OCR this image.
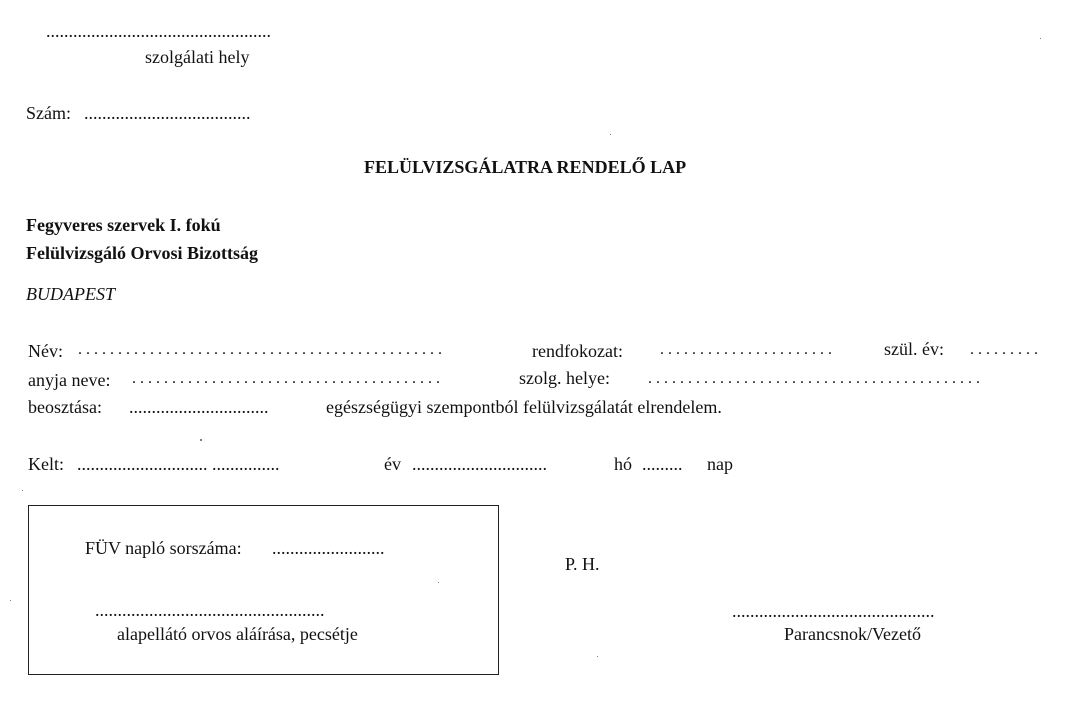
..................................................
szolgálati hely
Szám: .....................................
FELÜLVIZSGÁLATRA RENDELŐ LAP
Fegyveres szervek I. fokú
Felülvizsgáló Orvosi Bizottság
BUDAPEST
Név: . . . . . . . . . . . . . . . . . . . . . . . . . . . . . . . . . . . . . . . . . . . . . .	rendfokozat: . . . . . . . . . . . . . . . . . . . . . .	szül. év: . . . . . . . . .
anyja neve: . . . . . . . . . . . . . . . . . . . . . . . . . . . . . . . . . . . . . . .	szolg. helye: . . . . . . . . . . . . . . . . . . . . . . . . . . . . . . . . . . . . . . . . . .
beosztása: ...............................	egészségügyi szempontból felülvizsgálatát elrendelem.
Kelt: ............................. ...............	év ..............................	hó ......... nap
FÜV napló sorszáma: .........................
...................................................
alapellátó orvos aláírása, pecsétje
P. H.
.............................................
Parancsnok/Vezető
